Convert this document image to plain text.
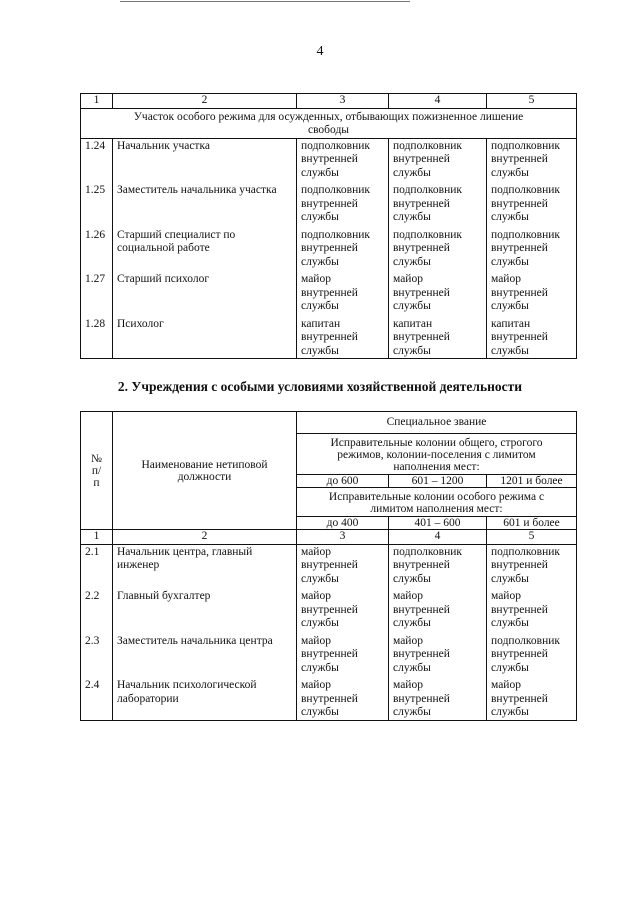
4
1	2	3	4	5
Участок особого режима для осужденных, отбывающих пожизненное лишение свободы				
1.24	Начальник участка	подполковник внутренней службы	подполковник внутренней службы	подполковник внутренней службы
1.25	Заместитель начальника участка	подполковник внутренней службы	подполковник внутренней службы	подполковник внутренней службы
1.26	Старший специалист по социальной работе	подполковник внутренней службы	подполковник внутренней службы	подполковник внутренней службы
1.27	Старший психолог	майор внутренней службы	майор внутренней службы	майор внутренней службы
1.28	Психолог	капитан внутренней службы	капитан внутренней службы	капитан внутренней службы
2. Учреждения с особыми условиями хозяйственной деятельности
№ п/п	Наименование нетиповой должности	Специальное звание		
		Исправительные колонии общего, строгого режимов, колонии-поселения с лимитом наполнения мест:		
		до 600	601 – 1200	1201 и более
		Исправительные колонии особого режима с лимитом наполнения мест:		
		до 400	401 – 600	601 и более
1	2	3	4	5
2.1	Начальник центра, главный инженер	майор внутренней службы	подполковник внутренней службы	подполковник внутренней службы
2.2	Главный бухгалтер	майор внутренней службы	майор внутренней службы	майор внутренней службы
2.3	Заместитель начальника центра	майор внутренней службы	майор внутренней службы	подполковник внутренней службы
2.4	Начальник психологической лаборатории	майор внутренней службы	майор внутренней службы	майор внутренней службы
